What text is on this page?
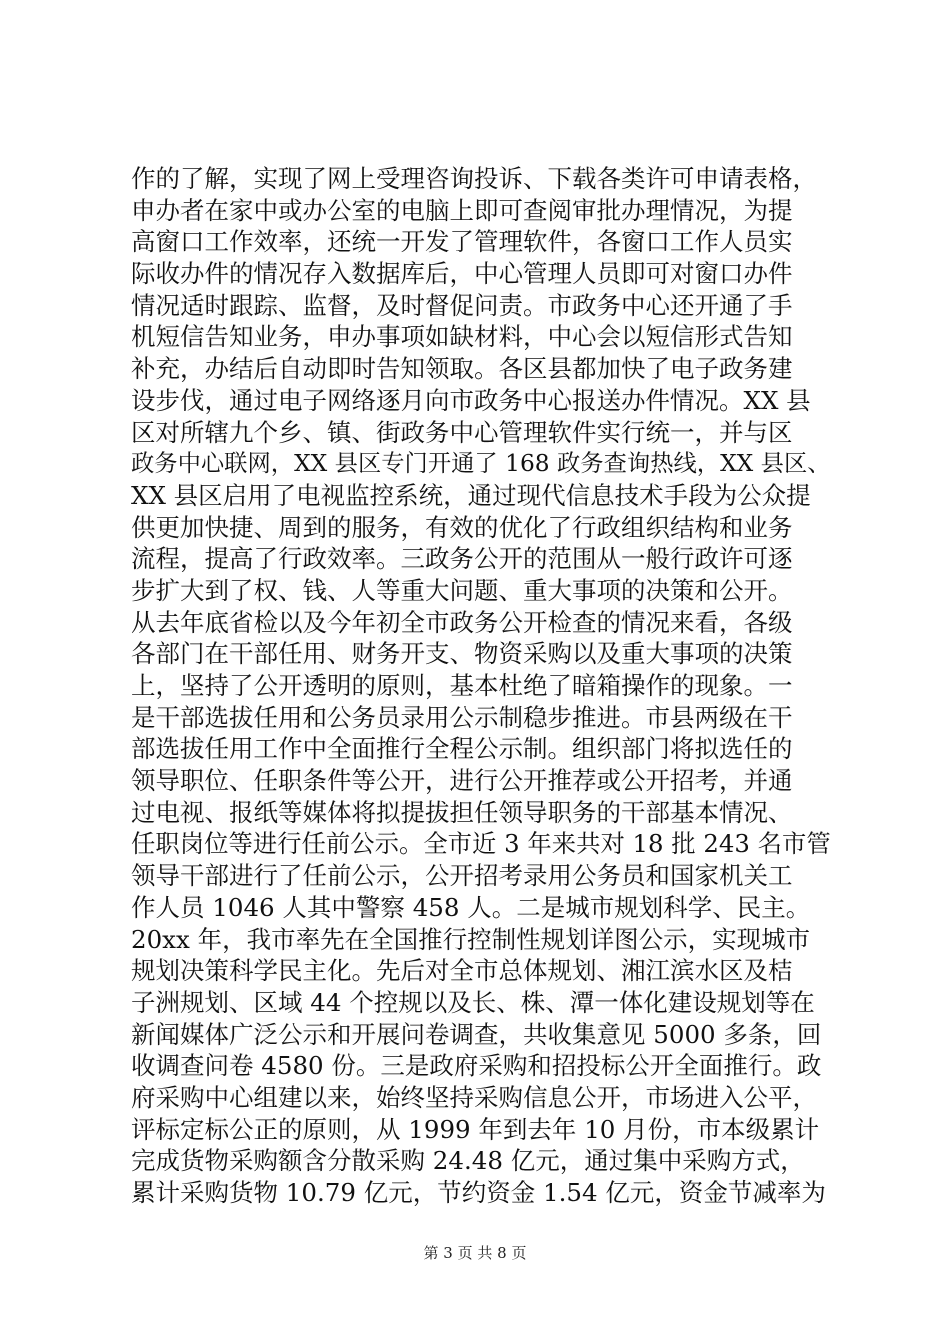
作的了解，实现了网上受理咨询投诉、下载各类许可申请表格，
申办者在家中或办公室的电脑上即可查阅审批办理情况，为提
高窗口工作效率，还统一开发了管理软件，各窗口工作人员实
际收办件的情况存入数据库后，中心管理人员即可对窗口办件
情况适时跟踪、监督，及时督促问责。市政务中心还开通了手
机短信告知业务，申办事项如缺材料，中心会以短信形式告知
补充，办结后自动即时告知领取。各区县都加快了电子政务建
设步伐，通过电子网络逐月向市政务中心报送办件情况。XX 县
区对所辖九个乡、镇、街政务中心管理软件实行统一，并与区
政务中心联网，XX 县区专门开通了 168 政务查询热线，XX 县区、
XX 县区启用了电视监控系统，通过现代信息技术手段为公众提
供更加快捷、周到的服务，有效的优化了行政组织结构和业务
流程，提高了行政效率。三政务公开的范围从一般行政许可逐
步扩大到了权、钱、人等重大问题、重大事项的决策和公开。
从去年底省检以及今年初全市政务公开检查的情况来看，各级
各部门在干部任用、财务开支、物资采购以及重大事项的决策
上，坚持了公开透明的原则，基本杜绝了暗箱操作的现象。一
是干部选拔任用和公务员录用公示制稳步推进。市县两级在干
部选拔任用工作中全面推行全程公示制。组织部门将拟选任的
领导职位、任职条件等公开，进行公开推荐或公开招考，并通
过电视、报纸等媒体将拟提拔担任领导职务的干部基本情况、
任职岗位等进行任前公示。全市近 3 年来共对 18 批 243 名市管
领导干部进行了任前公示，公开招考录用公务员和国家机关工
作人员 1046 人其中警察 458 人。二是城市规划科学、民主。
20xx 年，我市率先在全国推行控制性规划详图公示，实现城市
规划决策科学民主化。先后对全市总体规划、湘江滨水区及桔
子洲规划、区域 44 个控规以及长、株、潭一体化建设规划等在
新闻媒体广泛公示和开展问卷调查，共收集意见 5000 多条，回
收调查问卷 4580 份。三是政府采购和招投标公开全面推行。政
府采购中心组建以来，始终坚持采购信息公开，市场进入公平，
评标定标公正的原则，从 1999 年到去年 10 月份，市本级累计
完成货物采购额含分散采购 24.48 亿元，通过集中采购方式，
累计采购货物 10.79 亿元，节约资金 1.54 亿元，资金节减率为
第 3 页 共 8 页
